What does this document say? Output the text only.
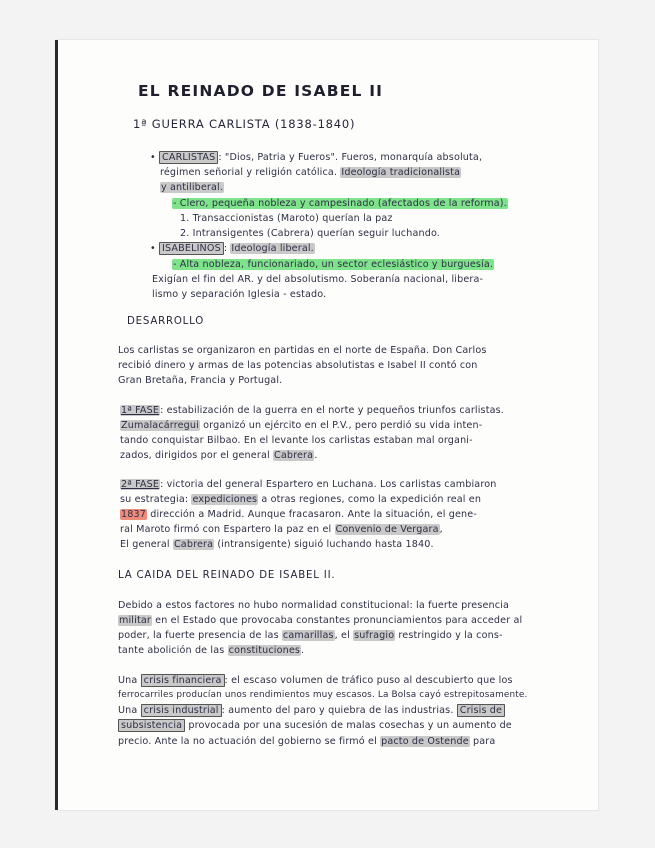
EL REINADO DE ISABEL II
1ª GUERRA CARLISTA (1838-1840)
• CARLISTAS : "Dios, Patria y Fueros". Fueros, monarquía absoluta,
régimen señorial y religión católica. Ideología tradicionalista
y antiliberal.
- Clero, pequeña nobleza y campesinado (afectados de la reforma).
1. Transaccionistas (Maroto) querían la paz
2. Intransigentes (Cabrera) querían seguir luchando.
• ISABELINOS : Ideología liberal.
- Alta nobleza, funcionariado, un sector eclesiástico y burguesía.
Exigían el fin del AR. y del absolutismo. Soberanía nacional, libera-
lismo y separación Iglesia - estado.
DESARROLLO
Los carlistas se organizaron en partidas en el norte de España. Don Carlos
recibió dinero y armas de las potencias absolutistas e Isabel II contó con
Gran Bretaña, Francia y Portugal.
1ª FASE: estabilización de la guerra en el norte y pequeños triunfos carlistas.
Zumalacárregui organizó un ejército en el P.V., pero perdió su vida inten-
tando conquistar Bilbao. En el levante los carlistas estaban mal organi-
zados, dirigidos por el general Cabrera.
2ª FASE: victoria del general Espartero en Luchana. Los carlistas cambiaron
su estrategia: expediciones a otras regiones, como la expedición real en
1837 dirección a Madrid. Aunque fracasaron. Ante la situación, el gene-
ral Maroto firmó con Espartero la paz en el Convenio de Vergara,
El general Cabrera (intransigente) siguió luchando hasta 1840.
LA CAIDA DEL REINADO DE ISABEL II.
Debido a estos factores no hubo normalidad constitucional: la fuerte presencia
militar en el Estado que provocaba constantes pronunciamientos para acceder al
poder, la fuerte presencia de las camarillas, el sufragio restringido y la cons-
tante abolición de las constituciones.
Una crisis financiera : el escaso volumen de tráfico puso al descubierto que los
ferrocarriles producían unos rendimientos muy escasos. La Bolsa cayó estrepitosamente.
Una crisis industrial : aumento del paro y quiebra de las industrias. Crisis de
subsistencia provocada por una sucesión de malas cosechas y un aumento de
precio. Ante la no actuación del gobierno se firmó el pacto de Ostende para
